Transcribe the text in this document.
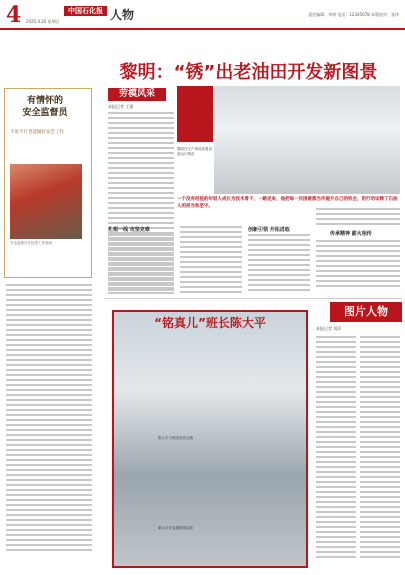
4 2025.4.20 星期日
中国石化报 人物	责任编辑：李明 电话：12345678 本版校对：张伟
黎明：“锈”出老油田开发新图景
有情怀的
安全监督员
不说不行也能做好安全工作
安全监督员在检查工作现场
劳模风采
本报记者 王强
黎明在生产现场查看设备运行情况
一个没有经验的年轻人成长为技术骨干，一路走来，他把每一次困难都当作提升自己的机会，用行动诠释了石油人的担当和坚守。
扎根一线 攻坚克难	创新引领 开拓进取
传承精神 薪火相传
“铭真儿”班长陈大平
陈大平与班组成员交流
陈大平在装置现场巡检
图片人物
本报记者 刘洋
